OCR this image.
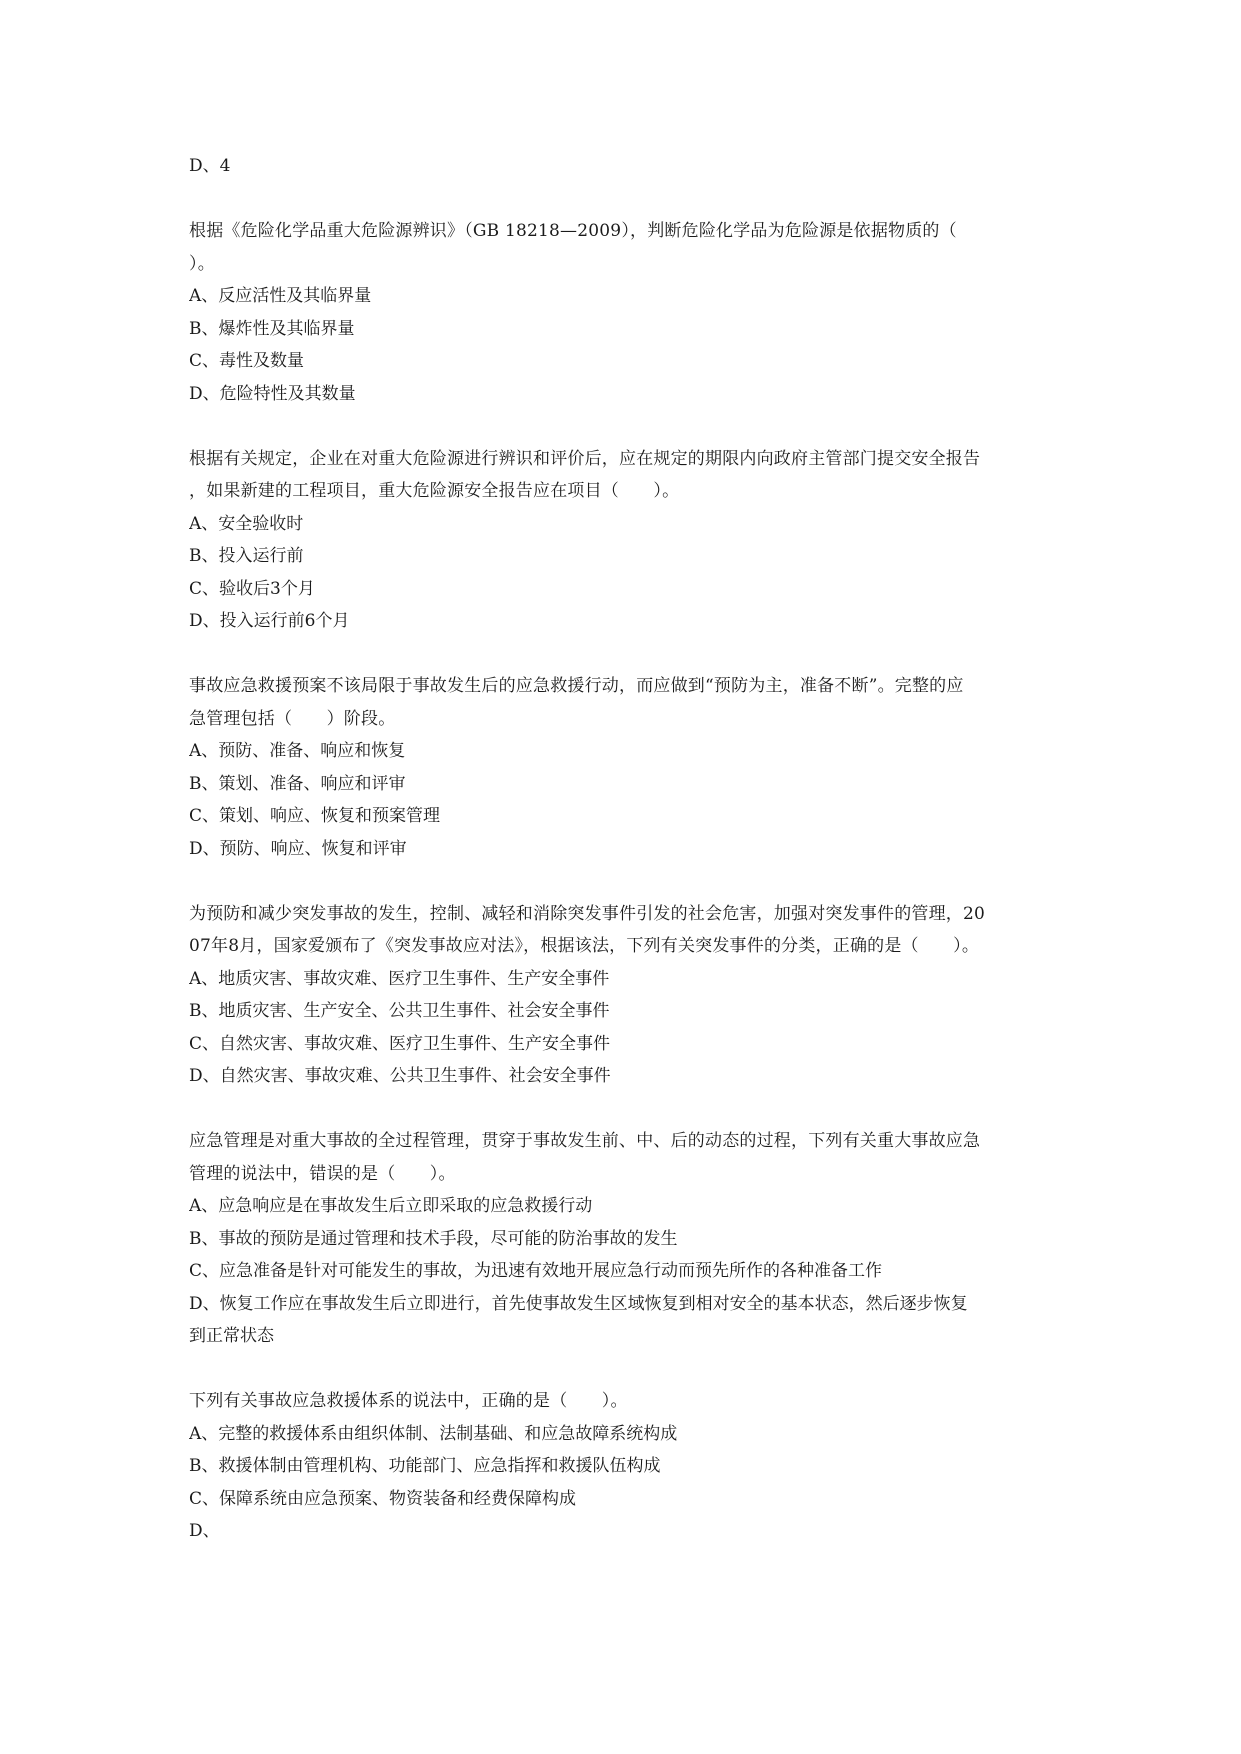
D、4
根据《危险化学品重大危险源辨识》（GB 18218—2009），判断危险化学品为危险源是依据物质的（
）。
A、反应活性及其临界量
B、爆炸性及其临界量
C、毒性及数量
D、危险特性及其数量
根据有关规定，企业在对重大危险源进行辨识和评价后，应在规定的期限内向政府主管部门提交安全报告
，如果新建的工程项目，重大危险源安全报告应在项目（　　）。
A、安全验收时
B、投入运行前
C、验收后3个月
D、投入运行前6个月
事故应急救援预案不该局限于事故发生后的应急救援行动，而应做到“预防为主，准备不断”。完整的应
急管理包括（　　）阶段。
A、预防、准备、响应和恢复
B、策划、准备、响应和评审
C、策划、响应、恢复和预案管理
D、预防、响应、恢复和评审
为预防和减少突发事故的发生，控制、减轻和消除突发事件引发的社会危害，加强对突发事件的管理，20
07年8月，国家爱颁布了《突发事故应对法》，根据该法，下列有关突发事件的分类，正确的是（　　）。
A、地质灾害、事故灾难、医疗卫生事件、生产安全事件
B、地质灾害、生产安全、公共卫生事件、社会安全事件
C、自然灾害、事故灾难、医疗卫生事件、生产安全事件
D、自然灾害、事故灾难、公共卫生事件、社会安全事件
应急管理是对重大事故的全过程管理，贯穿于事故发生前、中、后的动态的过程，下列有关重大事故应急
管理的说法中，错误的是（　　）。
A、应急响应是在事故发生后立即采取的应急救援行动
B、事故的预防是通过管理和技术手段，尽可能的防治事故的发生
C、应急准备是针对可能发生的事故，为迅速有效地开展应急行动而预先所作的各种准备工作
D、恢复工作应在事故发生后立即进行，首先使事故发生区域恢复到相对安全的基本状态，然后逐步恢复
到正常状态
下列有关事故应急救援体系的说法中，正确的是（　　）。
A、完整的救援体系由组织体制、法制基础、和应急故障系统构成
B、救援体制由管理机构、功能部门、应急指挥和救援队伍构成
C、保障系统由应急预案、物资装备和经费保障构成
D、
